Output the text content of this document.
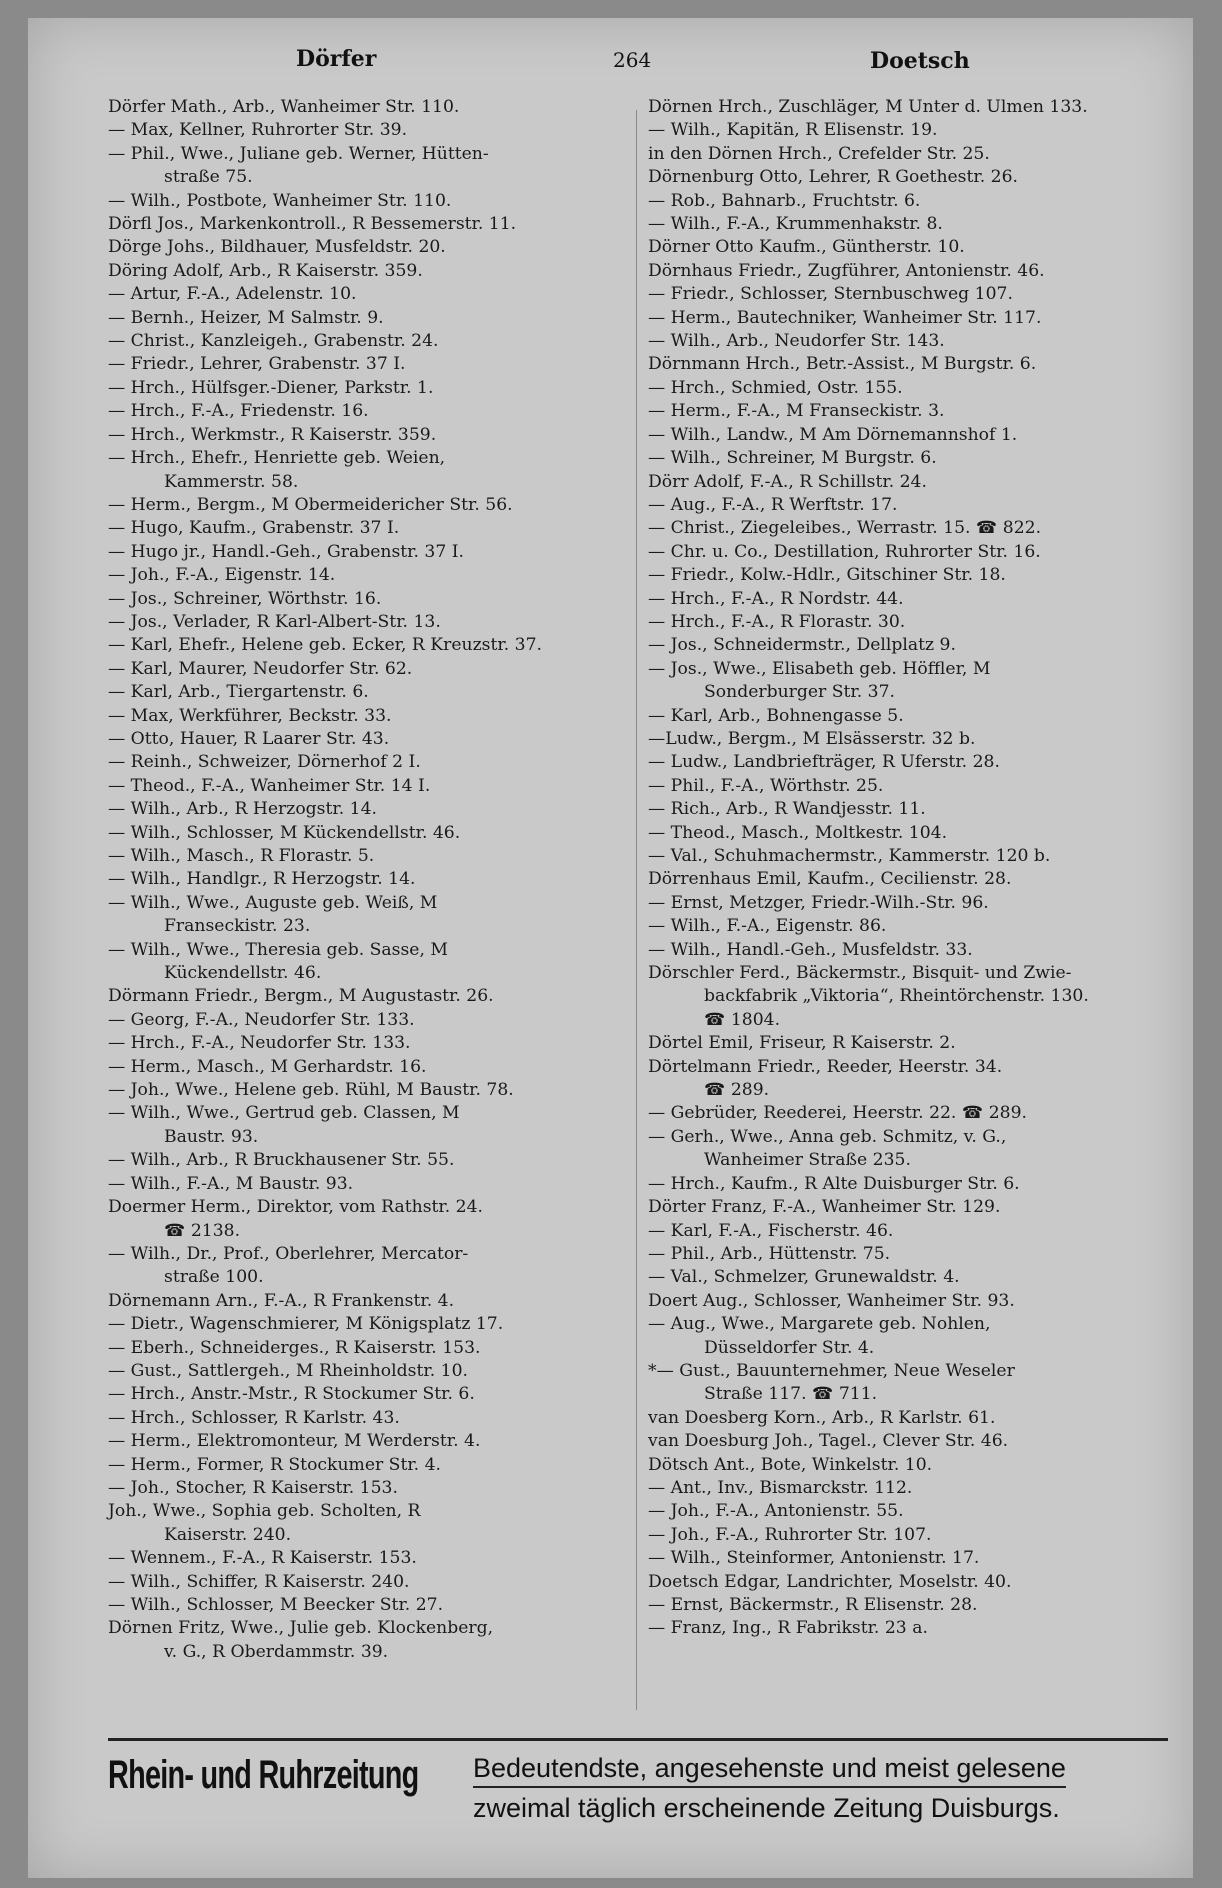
Dörfer	264	Doetsch
Dörfer Math., Arb., Wanheimer Str. 110.
— Max, Kellner, Ruhrorter Str. 39.
— Phil., Wwe., Juliane geb. Werner, Hütten-
straße 75.
— Wilh., Postbote, Wanheimer Str. 110.
Dörfl Jos., Markenkontroll., R Bessemerstr. 11.
Dörge Johs., Bildhauer, Musfeldstr. 20.
Döring Adolf, Arb., R Kaiserstr. 359.
— Artur, F.-A., Adelenstr. 10.
— Bernh., Heizer, M Salmstr. 9.
— Christ., Kanzleigeh., Grabenstr. 24.
— Friedr., Lehrer, Grabenstr. 37 I.
— Hrch., Hülfsger.-Diener, Parkstr. 1.
— Hrch., F.-A., Friedenstr. 16.
— Hrch., Werkmstr., R Kaiserstr. 359.
— Hrch., Ehefr., Henriette geb. Weien,
Kammerstr. 58.
— Herm., Bergm., M Obermeidericher Str. 56.
— Hugo, Kaufm., Grabenstr. 37 I.
— Hugo jr., Handl.-Geh., Grabenstr. 37 I.
— Joh., F.-A., Eigenstr. 14.
— Jos., Schreiner, Wörthstr. 16.
— Jos., Verlader, R Karl-Albert-Str. 13.
— Karl, Ehefr., Helene geb. Ecker, R Kreuzstr. 37.
— Karl, Maurer, Neudorfer Str. 62.
— Karl, Arb., Tiergartenstr. 6.
— Max, Werkführer, Beckstr. 33.
— Otto, Hauer, R Laarer Str. 43.
— Reinh., Schweizer, Dörnerhof 2 I.
— Theod., F.-A., Wanheimer Str. 14 I.
— Wilh., Arb., R Herzogstr. 14.
— Wilh., Schlosser, M Kückendellstr. 46.
— Wilh., Masch., R Florastr. 5.
— Wilh., Handlgr., R Herzogstr. 14.
— Wilh., Wwe., Auguste geb. Weiß, M
Franseckistr. 23.
— Wilh., Wwe., Theresia geb. Sasse, M
Kückendellstr. 46.
Dörmann Friedr., Bergm., M Augustastr. 26.
— Georg, F.-A., Neudorfer Str. 133.
— Hrch., F.-A., Neudorfer Str. 133.
— Herm., Masch., M Gerhardstr. 16.
— Joh., Wwe., Helene geb. Rühl, M Baustr. 78.
— Wilh., Wwe., Gertrud geb. Classen, M
Baustr. 93.
— Wilh., Arb., R Bruckhausener Str. 55.
— Wilh., F.-A., M Baustr. 93.
Doermer Herm., Direktor, vom Rathstr. 24.
☎ 2138.
— Wilh., Dr., Prof., Oberlehrer, Mercator-
straße 100.
Dörnemann Arn., F.-A., R Frankenstr. 4.
— Dietr., Wagenschmierer, M Königsplatz 17.
— Eberh., Schneiderges., R Kaiserstr. 153.
— Gust., Sattlergeh., M Rheinholdstr. 10.
— Hrch., Anstr.-Mstr., R Stockumer Str. 6.
— Hrch., Schlosser, R Karlstr. 43.
— Herm., Elektromonteur, M Werderstr. 4.
— Herm., Former, R Stockumer Str. 4.
— Joh., Stocher, R Kaiserstr. 153.
Joh., Wwe., Sophia geb. Scholten, R
Kaiserstr. 240.
— Wennem., F.-A., R Kaiserstr. 153.
— Wilh., Schiffer, R Kaiserstr. 240.
— Wilh., Schlosser, M Beecker Str. 27.
Dörnen Fritz, Wwe., Julie geb. Klockenberg,
v. G., R Oberdammstr. 39.
Dörnen Hrch., Zuschläger, M Unter d. Ulmen 133.
— Wilh., Kapitän, R Elisenstr. 19.
in den Dörnen Hrch., Crefelder Str. 25.
Dörnenburg Otto, Lehrer, R Goethestr. 26.
— Rob., Bahnarb., Fruchtstr. 6.
— Wilh., F.-A., Krummenhakstr. 8.
Dörner Otto Kaufm., Güntherstr. 10.
Dörnhaus Friedr., Zugführer, Antonienstr. 46.
— Friedr., Schlosser, Sternbuschweg 107.
— Herm., Bautechniker, Wanheimer Str. 117.
— Wilh., Arb., Neudorfer Str. 143.
Dörnmann Hrch., Betr.-Assist., M Burgstr. 6.
— Hrch., Schmied, Ostr. 155.
— Herm., F.-A., M Franseckistr. 3.
— Wilh., Landw., M Am Dörnemannshof 1.
— Wilh., Schreiner, M Burgstr. 6.
Dörr Adolf, F.-A., R Schillstr. 24.
— Aug., F.-A., R Werftstr. 17.
— Christ., Ziegeleibes., Werrastr. 15. ☎ 822.
— Chr. u. Co., Destillation, Ruhrorter Str. 16.
— Friedr., Kolw.-Hdlr., Gitschiner Str. 18.
— Hrch., F.-A., R Nordstr. 44.
— Hrch., F.-A., R Florastr. 30.
— Jos., Schneidermstr., Dellplatz 9.
— Jos., Wwe., Elisabeth geb. Höffler, M
Sonderburger Str. 37.
— Karl, Arb., Bohnengasse 5.
—Ludw., Bergm., M Elsässerstr. 32 b.
— Ludw., Landbriefträger, R Uferstr. 28.
— Phil., F.-A., Wörthstr. 25.
— Rich., Arb., R Wandjesstr. 11.
— Theod., Masch., Moltkestr. 104.
— Val., Schuhmachermstr., Kammerstr. 120 b.
Dörrenhaus Emil, Kaufm., Cecilienstr. 28.
— Ernst, Metzger, Friedr.-Wilh.-Str. 96.
— Wilh., F.-A., Eigenstr. 86.
— Wilh., Handl.-Geh., Musfeldstr. 33.
Dörschler Ferd., Bäckermstr., Bisquit- und Zwie-
backfabrik „Viktoria“, Rheintörchenstr. 130.
☎ 1804.
Dörtel Emil, Friseur, R Kaiserstr. 2.
Dörtelmann Friedr., Reeder, Heerstr. 34.
☎ 289.
— Gebrüder, Reederei, Heerstr. 22. ☎ 289.
— Gerh., Wwe., Anna geb. Schmitz, v. G.,
Wanheimer Straße 235.
— Hrch., Kaufm., R Alte Duisburger Str. 6.
Dörter Franz, F.-A., Wanheimer Str. 129.
— Karl, F.-A., Fischerstr. 46.
— Phil., Arb., Hüttenstr. 75.
— Val., Schmelzer, Grunewaldstr. 4.
Doert Aug., Schlosser, Wanheimer Str. 93.
— Aug., Wwe., Margarete geb. Nohlen,
Düsseldorfer Str. 4.
*— Gust., Bauunternehmer, Neue Weseler
Straße 117. ☎ 711.
van Doesberg Korn., Arb., R Karlstr. 61.
van Doesburg Joh., Tagel., Clever Str. 46.
Dötsch Ant., Bote, Winkelstr. 10.
— Ant., Inv., Bismarckstr. 112.
— Joh., F.-A., Antonienstr. 55.
— Joh., F.-A., Ruhrorter Str. 107.
— Wilh., Steinformer, Antonienstr. 17.
Doetsch Edgar, Landrichter, Moselstr. 40.
— Ernst, Bäckermstr., R Elisenstr. 28.
— Franz, Ing., R Fabrikstr. 23 a.
Rhein- und Ruhrzeitung Bedeutendste, angesehenste und meist gelesene
zweimal täglich erscheinende Zeitung Duisburgs.
